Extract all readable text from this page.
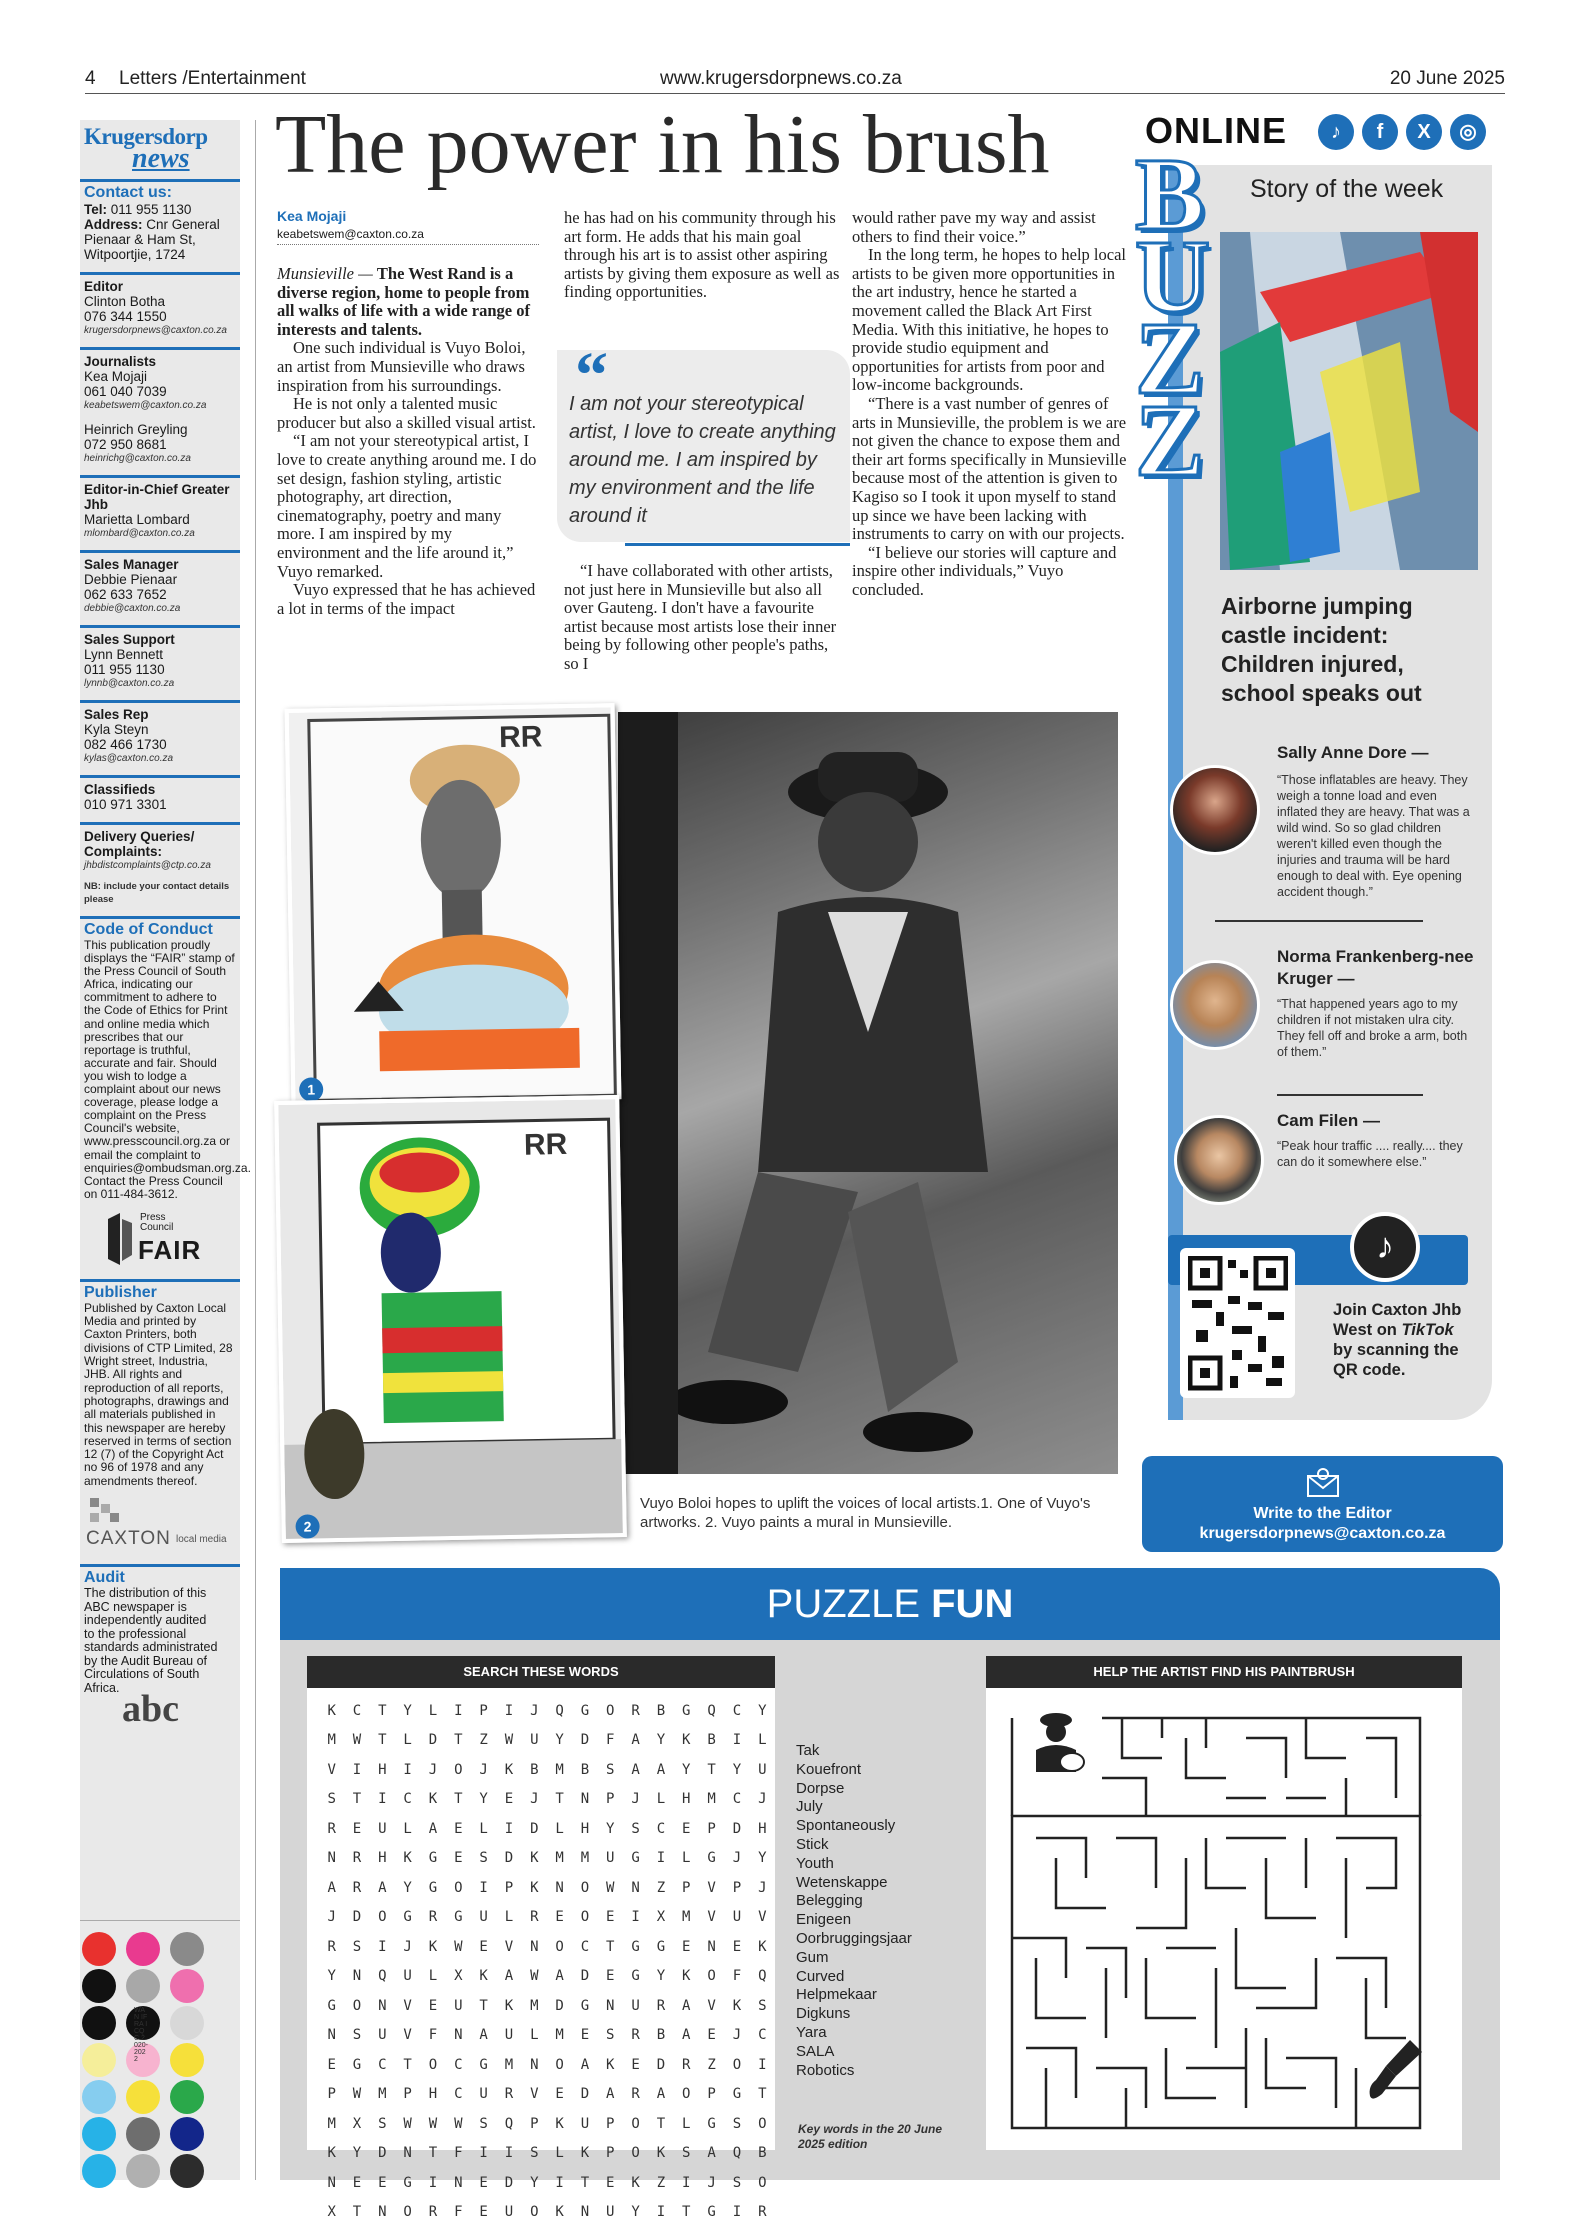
4 Letters /Entertainment	www.krugersdorpnews.co.za	20 June 2025
Krugersdorp
news
Contact us:
Tel: 011 955 1130
Address: Cnr General Pienaar & Ham St, Witpoortjie, 1724
Editor
Clinton Botha
076 344 1550
krugersdorpnews@caxton.co.za
Journalists
Kea Mojaji
061 040 7039
keabetswem@caxton.co.za
Heinrich Greyling
072 950 8681
heinrichg@caxton.co.za
Editor-in-Chief Greater Jhb
Marietta Lombard
mlombard@caxton.co.za
Sales Manager
Debbie Pienaar
062 633 7652
debbie@caxton.co.za
Sales Support
Lynn Bennett
011 955 1130
lynnb@caxton.co.za
Sales Rep
Kyla Steyn
082 466 1730
kylas@caxton.co.za
Classifieds
010 971 3301
Delivery Queries/ Complaints:
jhbdistcomplaints@ctp.co.za
NB: include your contact details please
Code of Conduct
This publication proudly displays the “FAIR” stamp of the Press Council of South Africa, indicating our commitment to adhere to the Code of Ethics for Print and online media which prescribes that our reportage is truthful, accurate and fair. Should you wish to lodge a complaint about our news coverage, please lodge a complaint on the Press Council's website, www.presscouncil.org.za or email the complaint to enquiries@ombudsman.org.za. Contact the Press Council on 011-484-3612.
Press Council
FAIR
Publisher
Published by Caxton Local Media and printed by Caxton Printers, both divisions of CTP Limited, 28 Wright street, Industria, JHB. All rights and reproduction of all reports, photographs, drawings and all materials published in this newspaper are hereby reserved in terms of section 12 (7) of the Copyright Act no 96 of 1978 and any amendments thereof.
CAXTON local media
Audit
The distribution of this ABC newspaper is independently audited to the professional standards administrated by the Audit Bureau of Circulations of South Africa.
abc
WAN IFRA ICQC 2020-2022
The power in his brush
Kea Mojaji
keabetswem@caxton.co.za

Munsieville — The West Rand is a diverse region, home to people from all walks of life with a wide range of interests and talents.

One such individual is Vuyo Boloi, an artist from Munsieville who draws inspiration from his surroundings.

He is not only a talented music producer but also a skilled visual artist.

“I am not your stereotypical artist, I love to create anything around me. I do set design, fashion styling, artistic photography, art direction, cinematography, poetry and many more. I am inspired by my environment and the life around it,” Vuyo remarked.

Vuyo expressed that he has achieved a lot in terms of the impact

he has had on his community through his art form. He adds that his main goal through his art is to assist other aspiring artists by giving them exposure as well as finding opportunities.

“
I am not your stereotypical artist, I love to create anything around me. I am inspired by my environment and the life around it

“I have collaborated with other artists, not just here in Munsieville but also all over Gauteng. I don't have a favourite artist because most artists lose their inner being by following other people's paths, so I

would rather pave my way and assist others to find their voice.”

In the long term, he hopes to help local artists to be given more opportunities in the art industry, hence he started a movement called the Black Art First Media. With this initiative, he hopes to provide studio equipment and opportunities for artists from poor and low-income backgrounds.

“There is a vast number of genres of arts in Munsieville, the problem is we are not given the chance to expose them and their art forms specifically in Munsieville because most of the attention is given to Kagiso so I took it upon myself to stand up since we have been lacking with instruments to carry on with our projects.

“I believe our stories will capture and inspire other individuals,” Vuyo concluded.

RR
1
RR
2
Vuyo Boloi hopes to uplift the voices of local artists.1. One of Vuyo's artworks. 2. Vuyo paints a mural in Munsieville.
ONLINE	♪	f	X	◎
B
U
Z
Z
Story of the week
Airborne jumping castle incident: Children injured, school speaks out
Sally Anne Dore —
“Those inflatables are heavy. They weigh a tonne load and even inflated they are heavy. That was a wild wind. So so glad children weren't killed even though the injuries and trauma will be hard enough to deal with. Eye opening accident though.”
Norma Frankenberg-nee Kruger —
“That happened years ago to my children if not mistaken ulra city. They fell off and broke a arm, both of them.”
Cam Filen —
“Peak hour traffic .... really.... they can do it somewhere else.”
♪
Join Caxton Jhb West on TikTok by scanning the QR code.
Write to the Editor
krugersdorpnews@caxton.co.za
PUZZLE FUN
SEARCH THESE WORDS
K	C	T	Y	L	I	P	I	J	Q	G	O	R	B	G	Q	C	Y
M	W	T	L	D	T	Z	W	U	Y	D	F	A	Y	K	B	I	L
V	I	H	I	J	O	J	K	B	M	B	S	A	A	Y	T	Y	U
S	T	I	C	K	T	Y	E	J	T	N	P	J	L	H	M	C	J
R	E	U	L	A	E	L	I	D	L	H	Y	S	C	E	P	D	H
N	R	H	K	G	E	S	D	K	M	M	U	G	I	L	G	J	Y
A	R	A	Y	G	O	I	P	K	N	O	W	N	Z	P	V	P	J
J	D	O	G	R	G	U	L	R	E	O	E	I	X	M	V	U	V
R	S	I	J	K	W	E	V	N	O	C	T	G	G	E	N	E	K
Y	N	Q	U	L	X	K	A	W	A	D	E	G	Y	K	O	F	Q
G	O	N	V	E	U	T	K	M	D	G	N	U	R	A	V	K	S
N	S	U	V	F	N	A	U	L	M	E	S	R	B	A	E	J	C
E	G	C	T	O	C	G	M	N	O	A	K	E	D	R	Z	O	I
P	W	M	P	H	C	U	R	V	E	D	A	R	A	O	P	G	T
M	X	S	W	W	W	S	Q	P	K	U	P	O	T	L	G	S	O
K	Y	D	N	T	F	I	I	S	L	K	P	O	K	S	A	Q	B
N	E	E	G	I	N	E	D	Y	I	T	E	K	Z	I	J	S	O
X	T	N	O	R	F	E	U	O	K	N	U	Y	I	T	G	I	R
Tak
Kouefront
Dorpse
July
Spontaneously
Stick
Youth
Wetenskappe
Belegging
Enigeen
Oorbruggingsjaar
Gum
Curved
Helpmekaar
Digkuns
Yara
SALA
Robotics
Key words in the 20 June 2025 edition
HELP THE ARTIST FIND HIS PAINTBRUSH
